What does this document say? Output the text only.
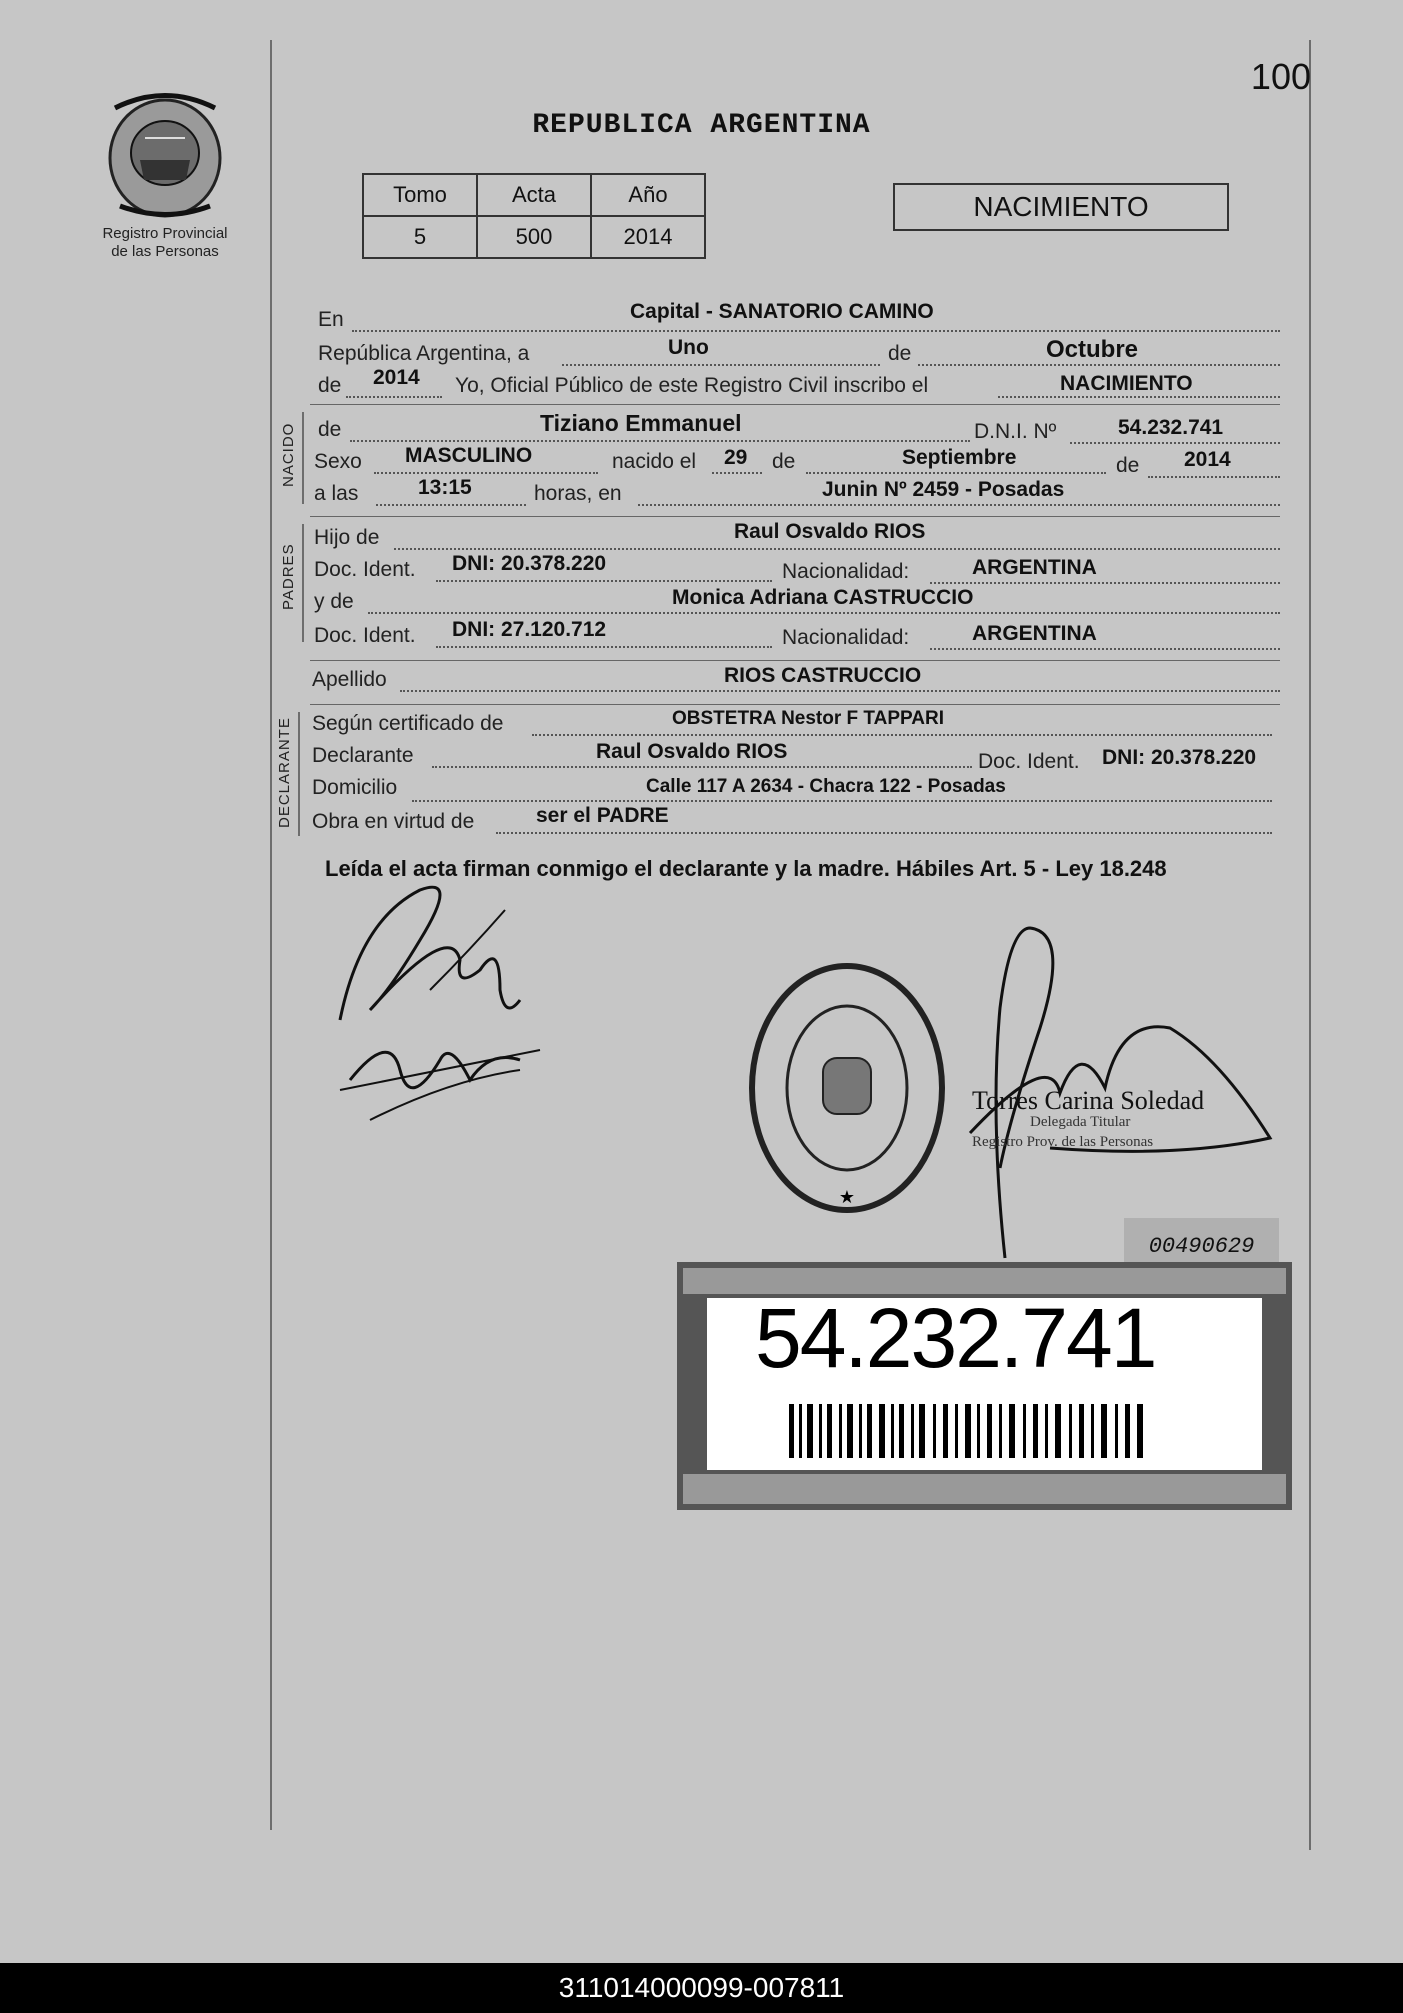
Registro Provincial
de las Personas
100
REPUBLICA ARGENTINA
Tomo	Acta	Año
5	500	2014
NACIMIENTO
En	Capital - SANATORIO CAMINO
República Argentina, a	Uno	de	Octubre
de 2014 Yo, Oficial Público de este Registro Civil inscribo el	NACIMIENTO
NACIDO de	Tiziano Emmanuel	D.N.I. Nº	54.232.741
Sexo MASCULINO	nacido el 29 de	Septiembre	de 2014
a las	13:15	horas, en	Junin Nº 2459 - Posadas
PADRES
Hijo de	Raul Osvaldo RIOS
Doc. Ident. DNI: 20.378.220	Nacionalidad:	ARGENTINA
y de	Monica Adriana CASTRUCCIO
Doc. Ident. DNI: 27.120.712	Nacionalidad:	ARGENTINA
Apellido	RIOS CASTRUCCIO
DECLARANTE Según certificado de	OBSTETRA Nestor F TAPPARI
Declarante	Raul Osvaldo RIOS	Doc. Ident. DNI: 20.378.220
Domicilio	Calle 117 A 2634 - Chacra 122 - Posadas
Obra en virtud de	ser el PADRE
Leída el acta firman conmigo el declarante y la madre. Hábiles Art. 5 - Ley 18.248
★
Torres Carina Soledad
Delegada Titular
Registro Prov. de las Personas
00490629
54.232.741
311014000099-007811
